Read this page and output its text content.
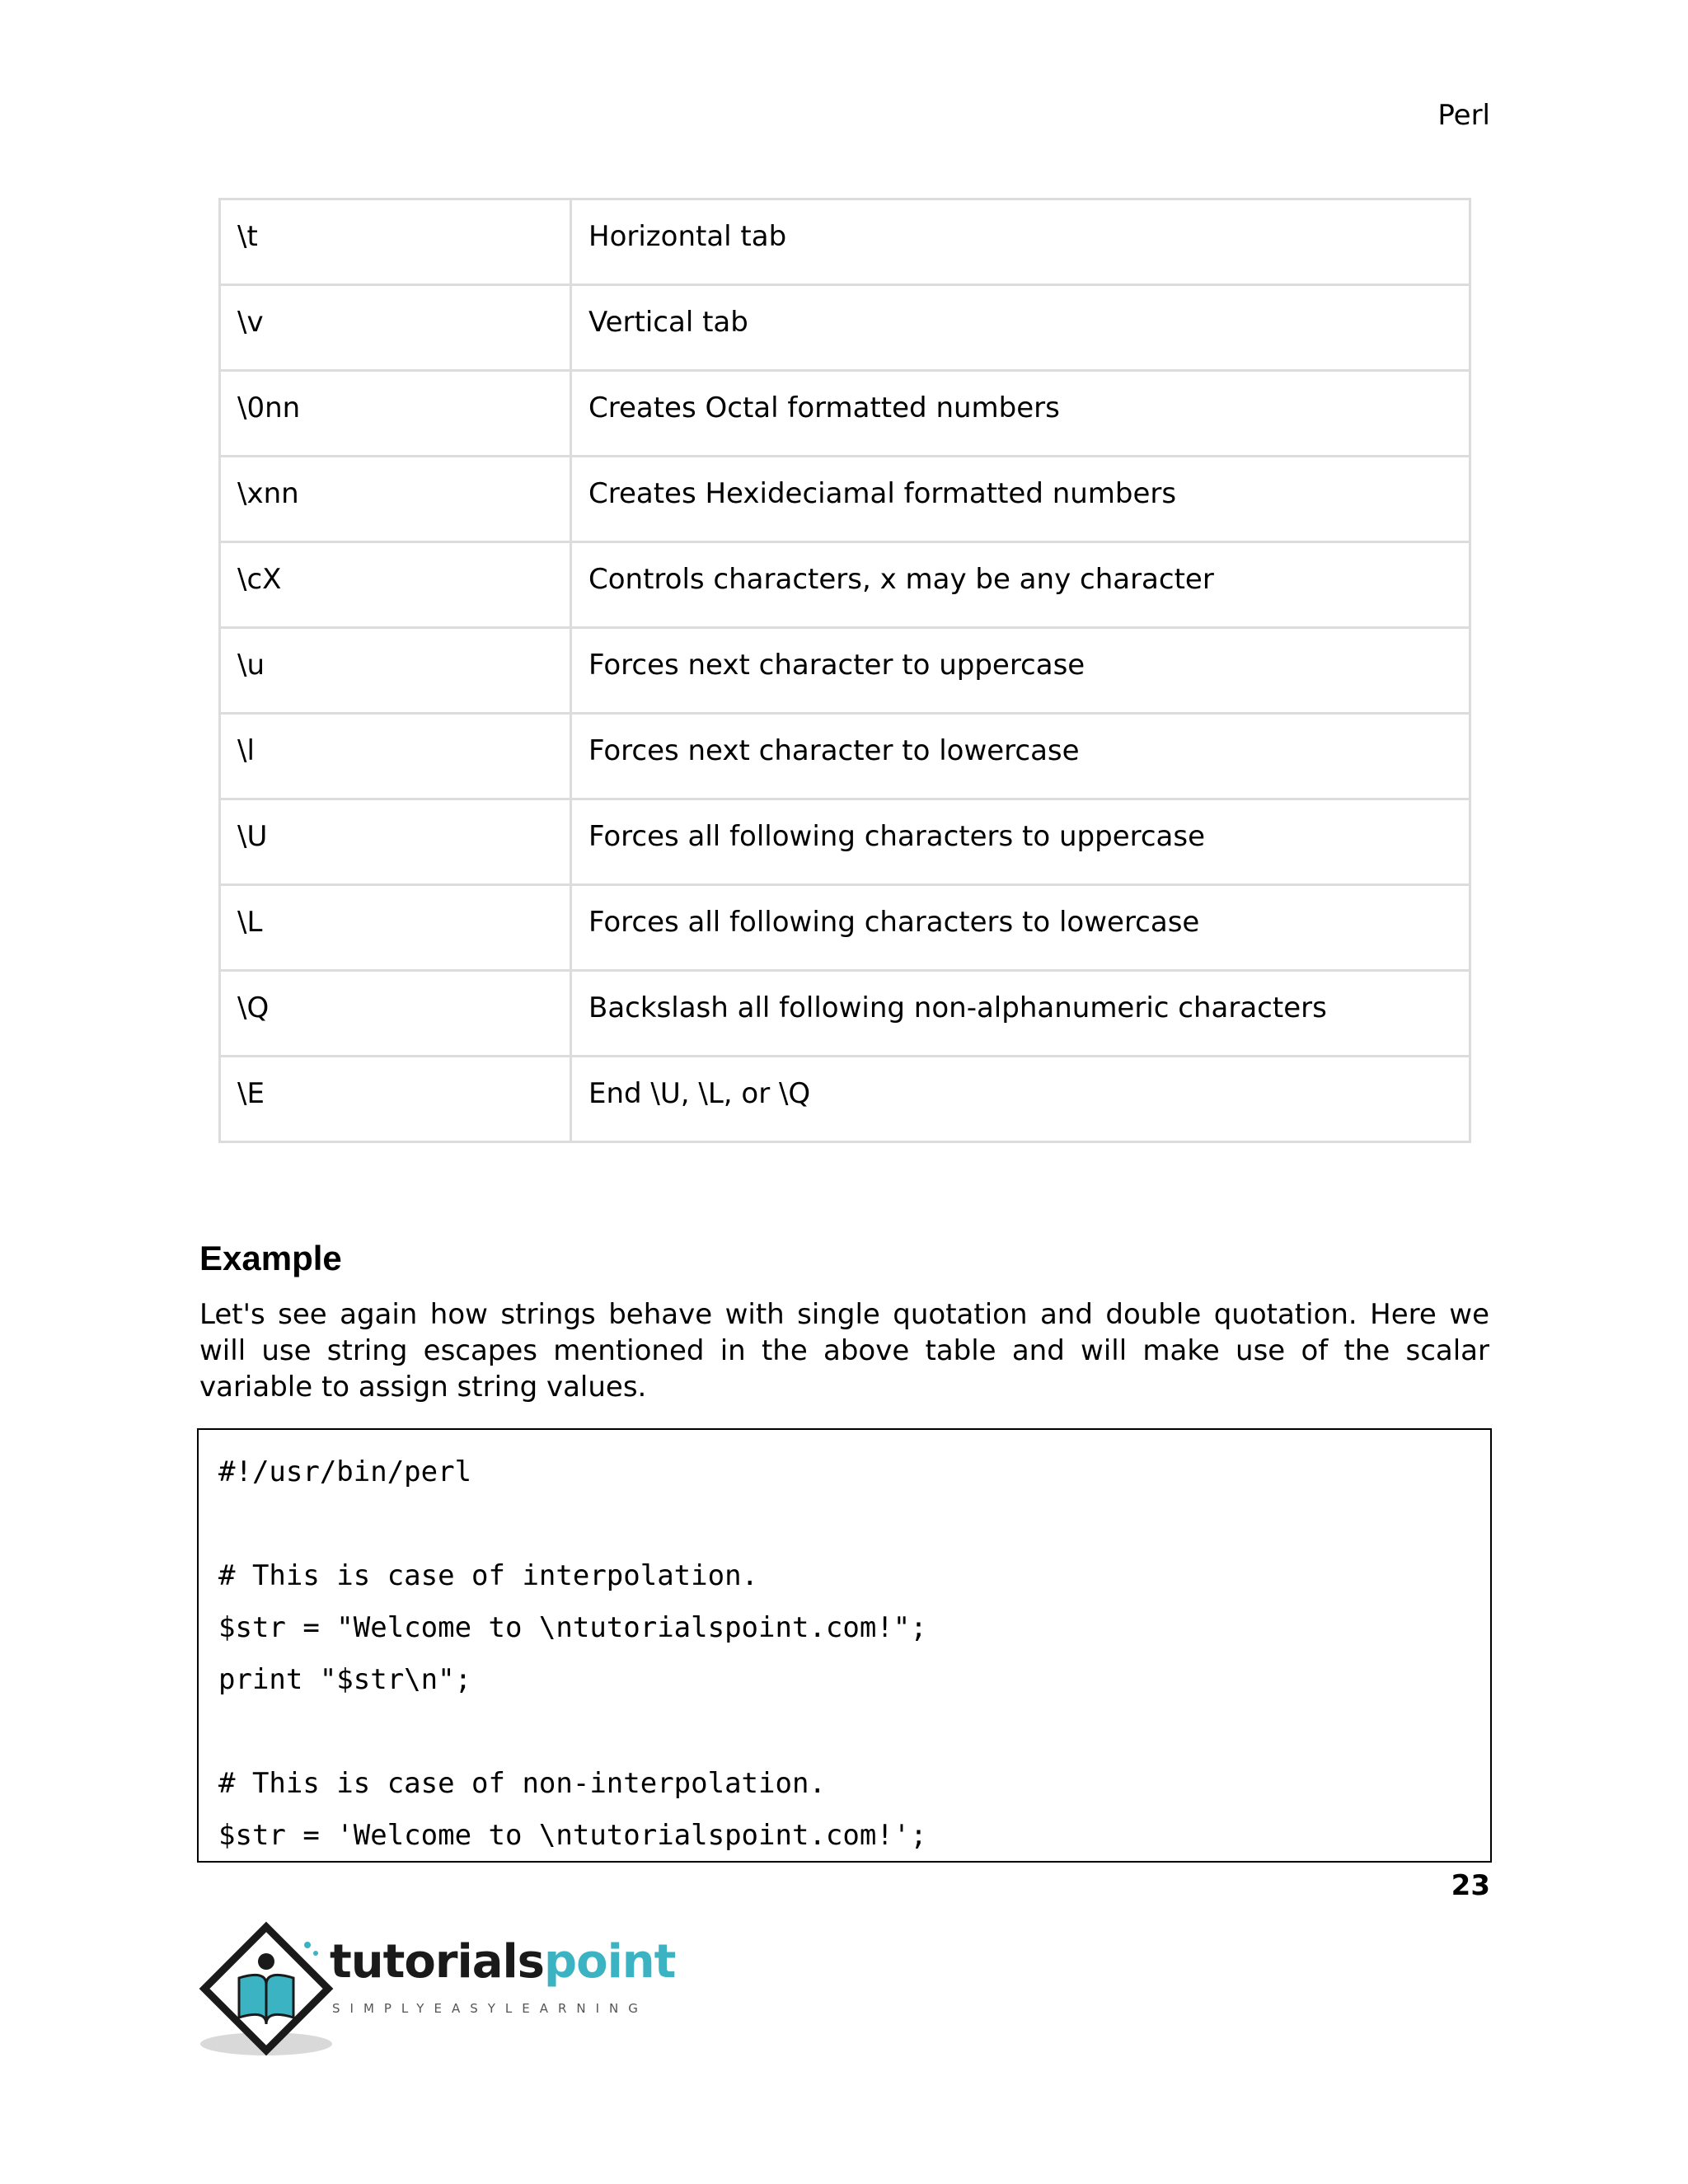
Perl
\t	Horizontal tab
\v	Vertical tab
\0nn	Creates Octal formatted numbers
\xnn	Creates Hexideciamal formatted numbers
\cX	Controls characters, x may be any character
\u	Forces next character to uppercase
\l	Forces next character to lowercase
\U	Forces all following characters to uppercase
\L	Forces all following characters to lowercase
\Q	Backslash all following non-alphanumeric characters
\E	End \U, \L, or \Q
Example

Let's see again how strings behave with single quotation and double quotation. Here we will use string escapes mentioned in the above table and will make use of the scalar variable to assign string values.

#!/usr/bin/perl
# This is case of interpolation.
$str = "Welcome to \ntutorialspoint.com!";
print "$str\n";
# This is case of non-interpolation.
$str = 'Welcome to \ntutorialspoint.com!';
23
tutorialspoint
SIMPLYEASYLEARNING
